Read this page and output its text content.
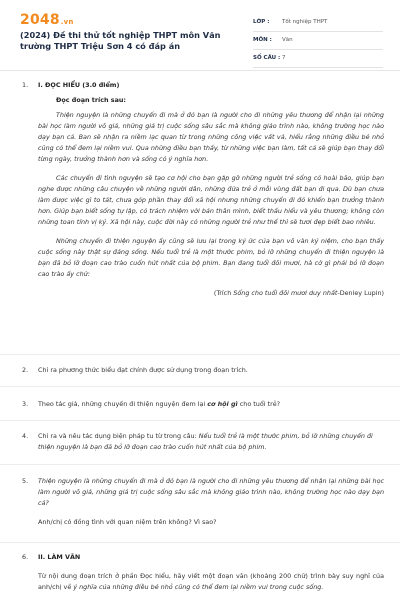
2048.vn
(2024) Đề thi thử tốt nghiệp THPT môn Văn trường THPT Triệu Sơn 4 có đáp án
LỚP : Tốt nghiệp THPT
MÔN : Văn
SỐ CÂU : 7
1.	I. ĐỌC HIỂU (3.0 điểm)
Đọc đoạn trích sau:

Thiện nguyện là những chuyến đi mà ở đó bạn là người cho đi những yêu thương để nhận lại những bài học làm người vô giá, những giá trị cuộc sống sâu sắc mà không giáo trình nào, không trường học nào dạy bạn cả. Ban sẽ nhận ra niềm lạc quan từ trong những công việc vất vả, hiểu rằng những điều bé nhỏ cũng có thể đem lại niềm vui. Qua những điều bạn thấy, từ những việc bạn làm, tất cả sẽ giúp bạn thay đổi từng ngày, trưởng thành hơn và sống có ý nghĩa hơn.

Các chuyến đi tình nguyện sẽ tạo cơ hội cho bạn gặp gỡ những người trẻ sống có hoài bão, giúp bạn nghe được những câu chuyện về những người dân, những đứa trẻ ở mỗi vùng đất bạn đi qua. Dù bạn chưa làm được việc gì to tát, chưa góp phần thay đổi xã hội nhưng những chuyến đi đó khiến bạn trưởng thành hơn. Giúp bạn biết sống tự lập, có trách nhiệm với bản thân mình, biết thấu hiểu và yêu thương; không còn những toan tính vị kỷ. Xã hội này, cuộc đời này có những người trẻ như thế thì sẽ tươi đẹp biết bao nhiêu.

Những chuyến đi thiện nguyện ấy cũng sẽ lưu lại trong ký ức của bạn vô vàn kỷ niệm, cho bạn thấy cuộc sống này thật sự đáng sống. Nếu tuổi trẻ là một thước phim, bỏ lỡ những chuyến đi thiện nguyện là bạn đã bỏ lỡ đoạn cao trào cuốn hút nhất của bộ phim. Bạn đang tuổi đôi mươi, hà cớ gì phải bỏ lỡ đoạn cao trào ấy chứ:

(Trích Sống cho tuổi đôi mươi duy nhất-Denley Lupin)
2.	Chỉ ra phương thức biểu đạt chính được sử dụng trong đoạn trích.
3.	Theo tác giả, những chuyến đi thiện nguyện đem lại cơ hội gì cho tuổi trẻ?
4.	Chỉ ra và nêu tác dụng biện pháp tu từ trong câu: Nếu tuổi trẻ là một thước phim, bỏ lỡ những chuyến đi thiện nguyện là bạn đã bỏ lỡ đoạn cao trào cuốn hút nhất của bộ phim.
5.	Thiện nguyện là những chuyến đi mà ở đó bạn là người cho đi những yêu thương để nhận lại những bài học làm người vô giá, những giá trị cuộc sống sâu sắc mà không giáo trình nào, không trường học nào dạy bạn cả?
Anh/chị có đồng tình với quan niệm trên không? Vì sao?
6.	II. LÀM VĂN
Từ nội dung đoạn trích ở phần Đọc hiểu, hãy viết một đoạn văn (khoảng 200 chữ) trình bày suy nghĩ của anh/chị về ý nghĩa của những điều bé nhỏ cũng có thể đem lại niềm vui trong cuộc sống.
